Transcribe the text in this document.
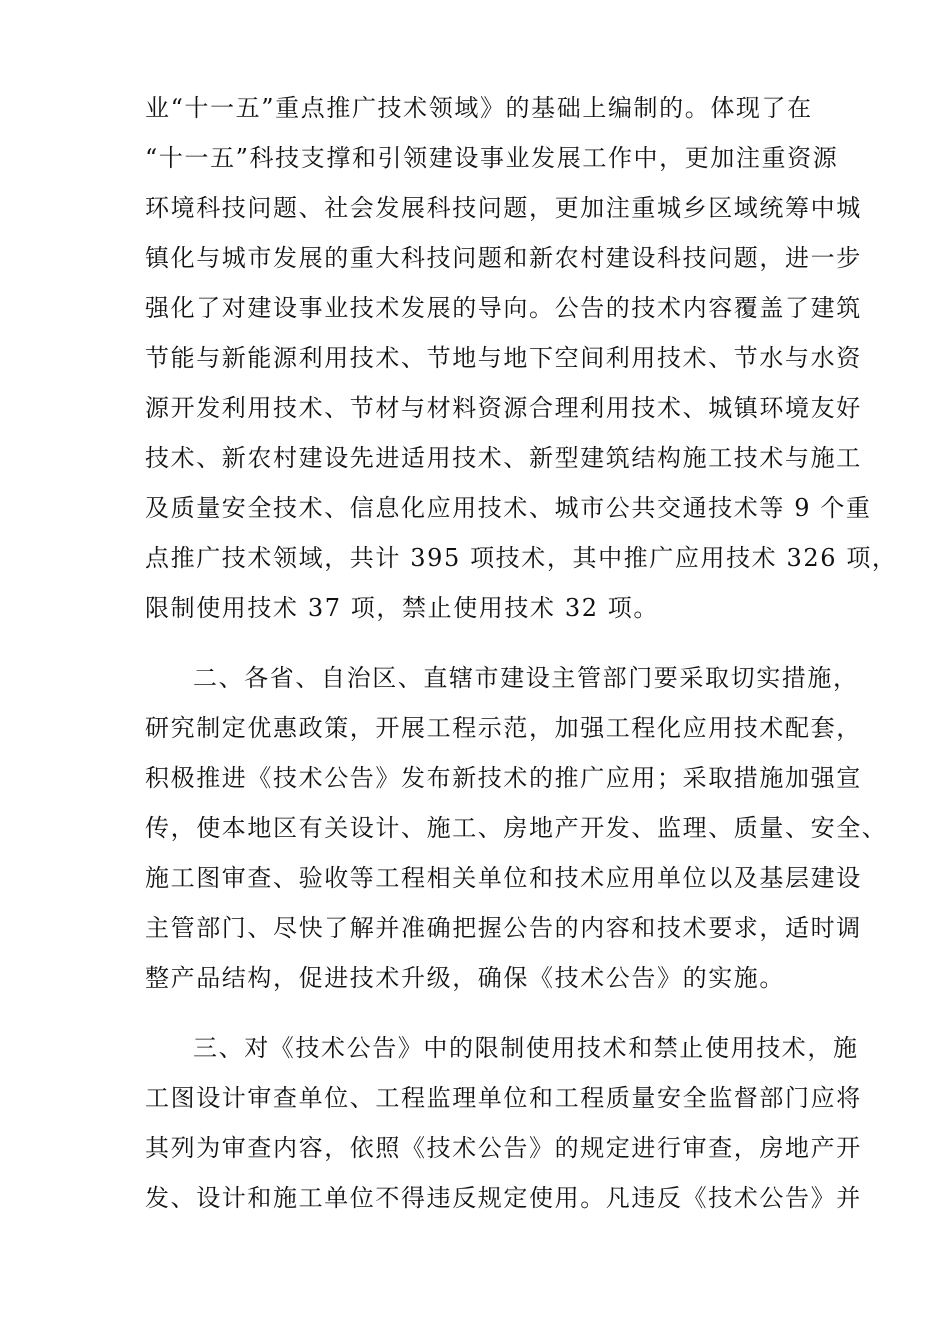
业“十一五”重点推广技术领域》的基础上编制的。体现了在
“十一五”科技支撑和引领建设事业发展工作中，更加注重资源
环境科技问题、社会发展科技问题，更加注重城乡区域统筹中城
镇化与城市发展的重大科技问题和新农村建设科技问题，进一步
强化了对建设事业技术发展的导向。公告的技术内容覆盖了建筑
节能与新能源利用技术、节地与地下空间利用技术、节水与水资
源开发利用技术、节材与材料资源合理利用技术、城镇环境友好
技术、新农村建设先进适用技术、新型建筑结构施工技术与施工
及质量安全技术、信息化应用技术、城市公共交通技术等 9 个重
点推广技术领域，共计 395 项技术，其中推广应用技术 326 项，
限制使用技术 37 项，禁止使用技术 32 项。
二、各省、自治区、直辖市建设主管部门要采取切实措施，
研究制定优惠政策，开展工程示范，加强工程化应用技术配套，
积极推进《技术公告》发布新技术的推广应用；采取措施加强宣
传，使本地区有关设计、施工、房地产开发、监理、质量、安全、
施工图审查、验收等工程相关单位和技术应用单位以及基层建设
主管部门、尽快了解并准确把握公告的内容和技术要求，适时调
整产品结构，促进技术升级，确保《技术公告》的实施。
三、对《技术公告》中的限制使用技术和禁止使用技术，施
工图设计审查单位、工程监理单位和工程质量安全监督部门应将
其列为审查内容，依照《技术公告》的规定进行审查，房地产开
发、设计和施工单位不得违反规定使用。凡违反《技术公告》并
